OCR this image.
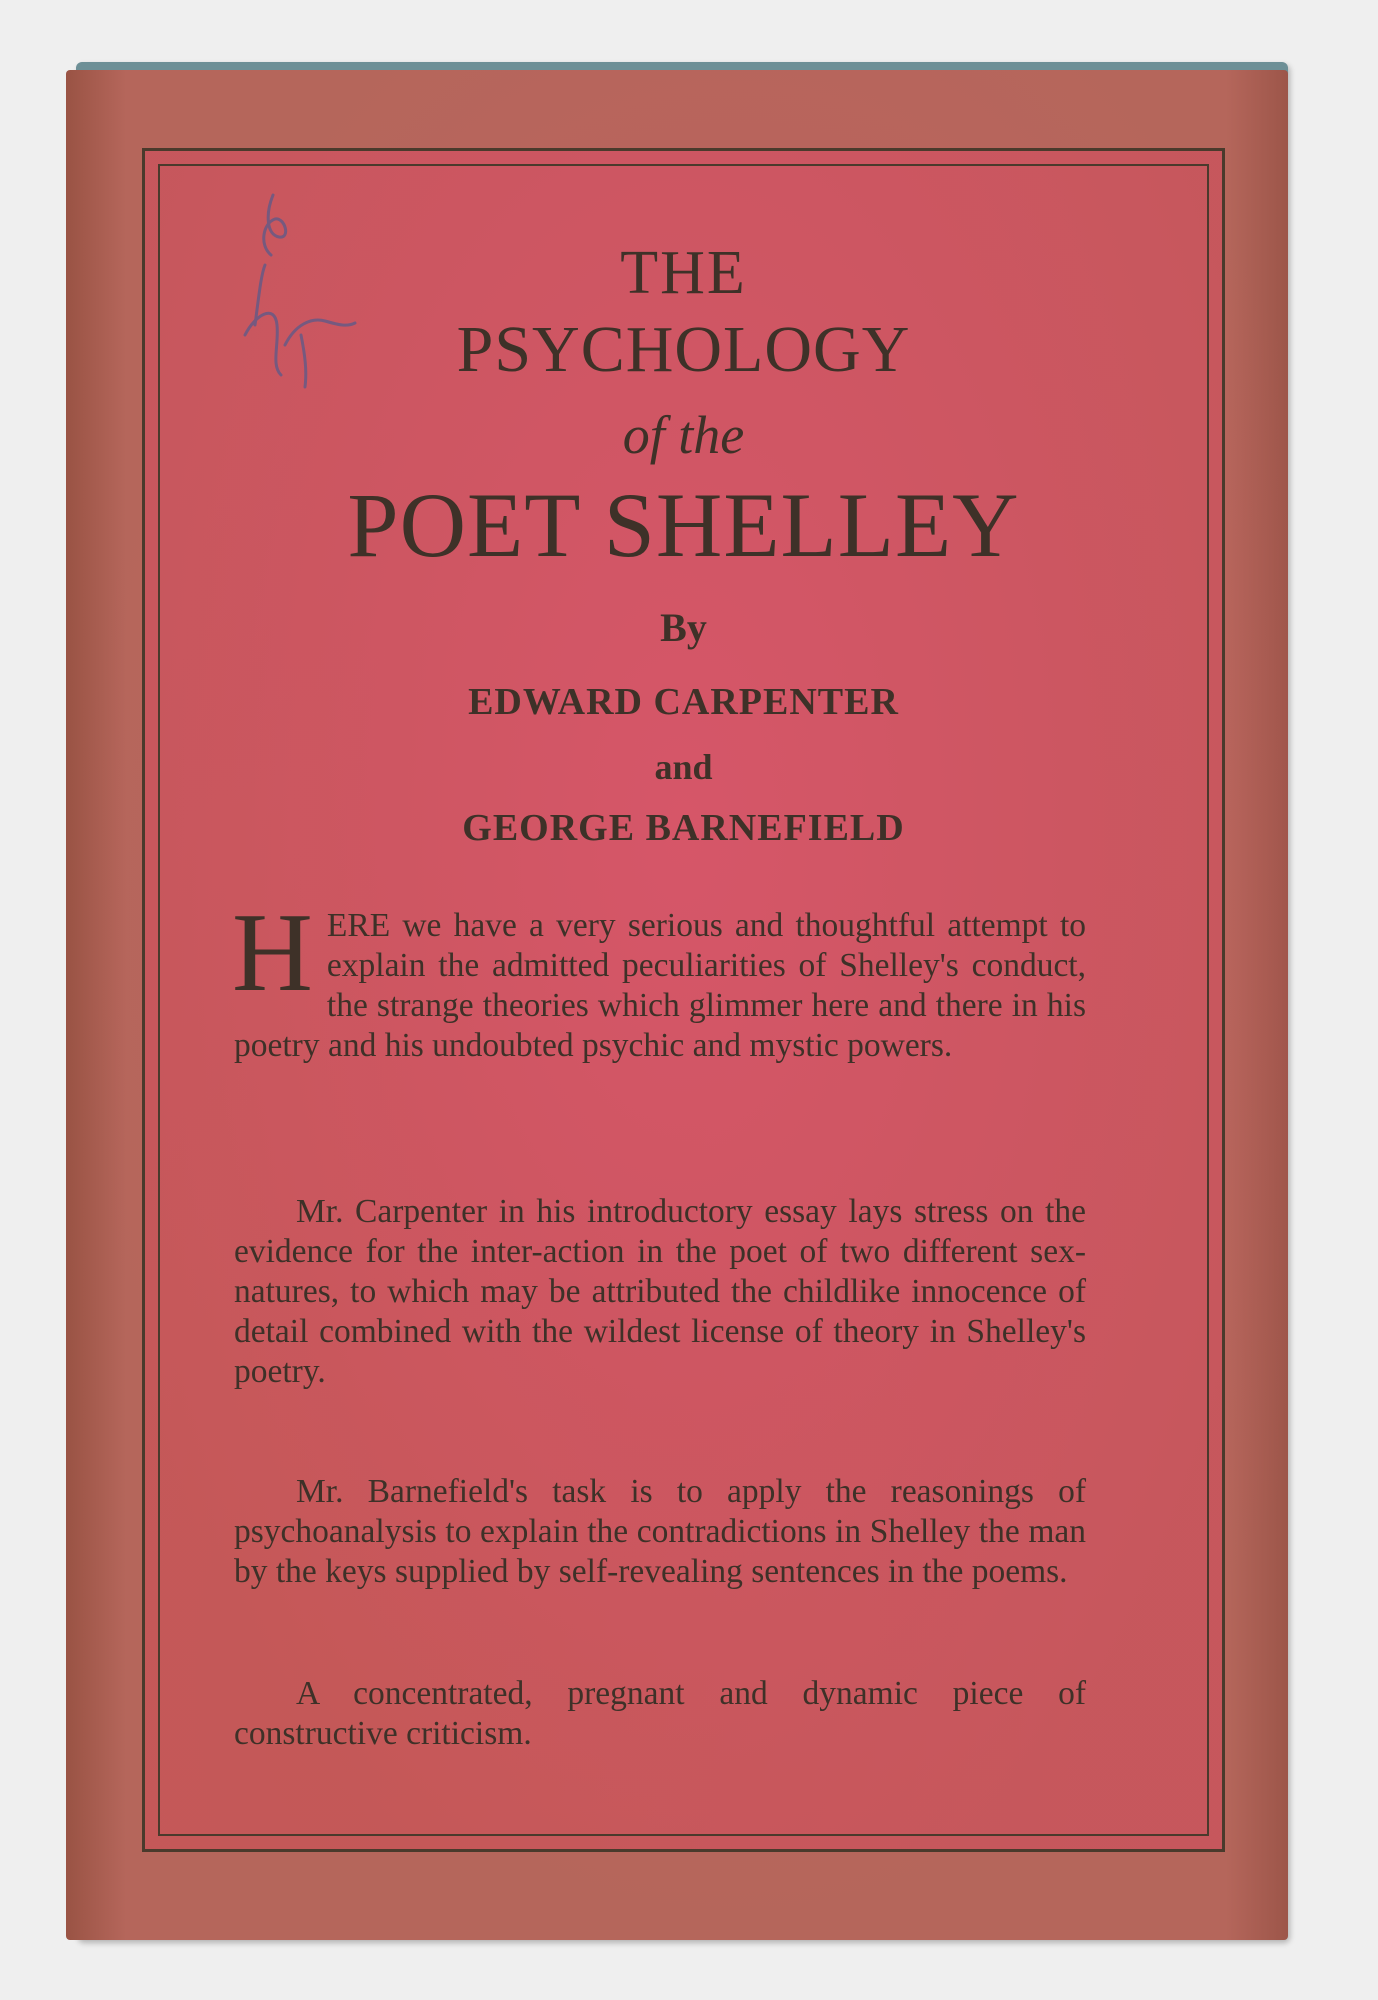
THE
PSYCHOLOGY
of the
POET SHELLEY
By
EDWARD CARPENTER
and
GEORGE BARNEFIELD
HERE we have a very serious and thoughtful attempt to explain the admitted peculiarities of Shelley's conduct, the strange theories which glimmer here and there in his poetry and his undoubted psychic and mystic powers.
Mr. Carpenter in his introductory essay lays stress on the evidence for the inter-action in the poet of two different sex-natures, to which may be attributed the childlike innocence of detail combined with the wildest license of theory in Shelley's poetry.
Mr. Barnefield's task is to apply the reasonings of psychoanalysis to explain the contradictions in Shelley the man by the keys supplied by self-revealing sentences in the poems.
A concentrated, pregnant and dynamic piece of constructive criticism.
